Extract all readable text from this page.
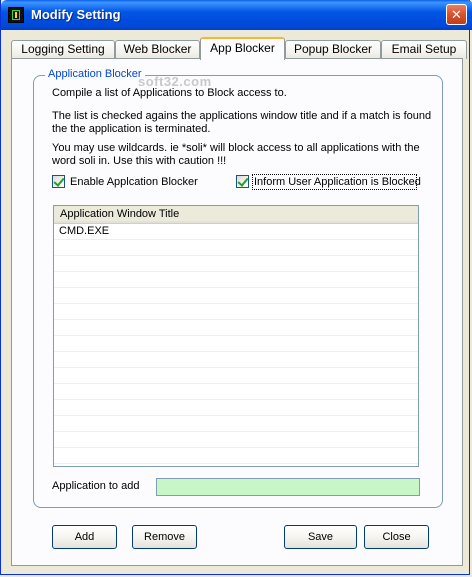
Modify Setting	✕
Logging Setting	Web Blocker	App Blocker	Popup Blocker	Email Setup
Application Blocker
soft32.com
Compile a list of Applications to Block access to.
The list is checked agains the applications window title and if a match is found
the the application is terminated.
You may use wildcards. ie *soli* will block access to all applications with the
word soli in. Use this with caution !!!
Enable Applcation Blocker	Inform User Application is Blocked
Application Window Title
CMD.EXE
Application to add
Add	Remove	Save	Close
